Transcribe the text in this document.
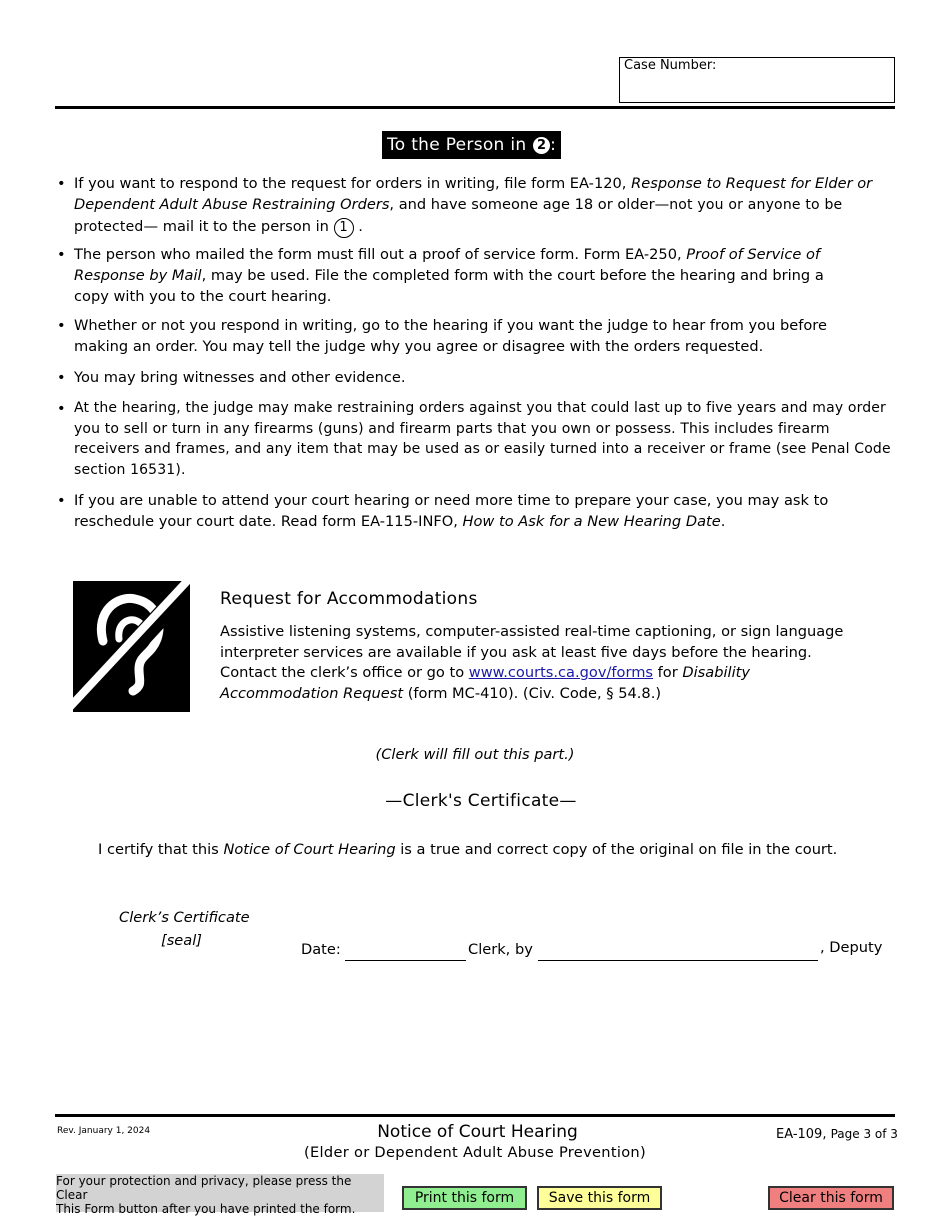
Case Number:
To the Person in 2 :
• If you want to respond to the request for orders in writing, file form EA-120, Response to Request for Elder or Dependent Adult Abuse Restraining Orders, and have someone age 18 or older—not you or anyone to be protected— mail it to the person in 1 .
• The person who mailed the form must fill out a proof of service form. Form EA-250, Proof of Service of Response by Mail, may be used. File the completed form with the court before the hearing and bring a copy with you to the court hearing.
• Whether or not you respond in writing, go to the hearing if you want the judge to hear from you before making an order. You may tell the judge why you agree or disagree with the orders requested.
• You may bring witnesses and other evidence.
• At the hearing, the judge may make restraining orders against you that could last up to five years and may order you to sell or turn in any firearms (guns) and firearm parts that you own or possess. This includes firearm receivers and frames, and any item that may be used as or easily turned into a receiver or frame (see Penal Code section 16531).
• If you are unable to attend your court hearing or need more time to prepare your case, you may ask to reschedule your court date. Read form EA-115-INFO, How to Ask for a New Hearing Date.
Request for Accommodations
Assistive listening systems, computer-assisted real-time captioning, or sign language interpreter services are available if you ask at least five days before the hearing. Contact the clerk’s office or go to www.courts.ca.gov/forms for Disability Accommodation Request (form MC-410). (Civ. Code, § 54.8.)
(Clerk will fill out this part.)
—Clerk's Certificate—
I certify that this Notice of Court Hearing is a true and correct copy of the original on file in the court.
Clerk’s Certificate
[seal]
Date:	Clerk, by	, Deputy
Rev. January 1, 2024	Notice of Court Hearing
(Elder or Dependent Adult Abuse Prevention)
EA-109, Page 3 of 3
For your protection and privacy, please press the Clear
This Form button after you have printed the form.
Print this form	Save this form	Clear this form
